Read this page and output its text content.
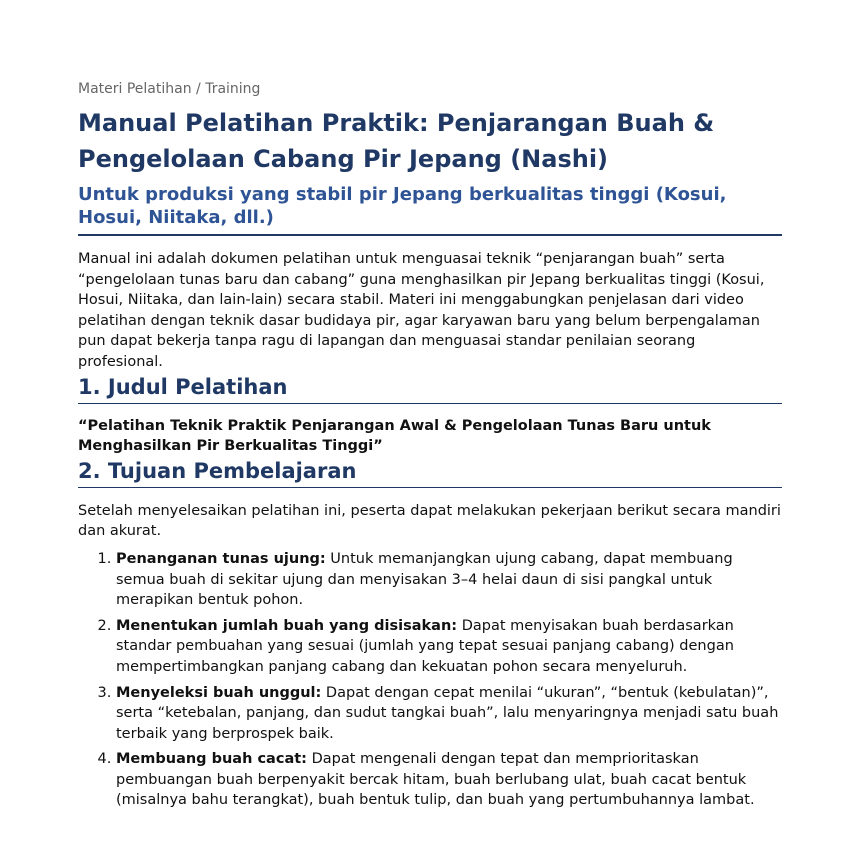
Materi Pelatihan / Training

Manual Pelatihan Praktik: Penjarangan Buah & Pengelolaan Cabang Pir Jepang (Nashi)

Untuk produksi yang stabil pir Jepang berkualitas tinggi (Kosui, Hosui, Niitaka, dll.)

Manual ini adalah dokumen pelatihan untuk menguasai teknik “penjarangan buah” serta “pengelolaan tunas baru dan cabang” guna menghasilkan pir Jepang berkualitas tinggi (Kosui, Hosui, Niitaka, dan lain-lain) secara stabil. Materi ini menggabungkan penjelasan dari video pelatihan dengan teknik dasar budidaya pir, agar karyawan baru yang belum berpengalaman pun dapat bekerja tanpa ragu di lapangan dan menguasai standar penilaian seorang profesional.

1. Judul Pelatihan

“Pelatihan Teknik Praktik Penjarangan Awal & Pengelolaan Tunas Baru untuk Menghasilkan Pir Berkualitas Tinggi”

2. Tujuan Pembelajaran

Setelah menyelesaikan pelatihan ini, peserta dapat melakukan pekerjaan berikut secara mandiri dan akurat.

1. Penanganan tunas ujung: Untuk memanjangkan ujung cabang, dapat membuang semua buah di sekitar ujung dan menyisakan 3–4 helai daun di sisi pangkal untuk merapikan bentuk pohon.
2. Menentukan jumlah buah yang disisakan: Dapat menyisakan buah berdasarkan standar pembuahan yang sesuai (jumlah yang tepat sesuai panjang cabang) dengan mempertimbangkan panjang cabang dan kekuatan pohon secara menyeluruh.
3. Menyeleksi buah unggul: Dapat dengan cepat menilai “ukuran”, “bentuk (kebulatan)”, serta “ketebalan, panjang, dan sudut tangkai buah”, lalu menyaringnya menjadi satu buah terbaik yang berprospek baik.
4. Membuang buah cacat: Dapat mengenali dengan tepat dan memprioritaskan pembuangan buah berpenyakit bercak hitam, buah berlubang ulat, buah cacat bentuk (misalnya bahu terangkat), buah bentuk tulip, dan buah yang pertumbuhannya lambat.
